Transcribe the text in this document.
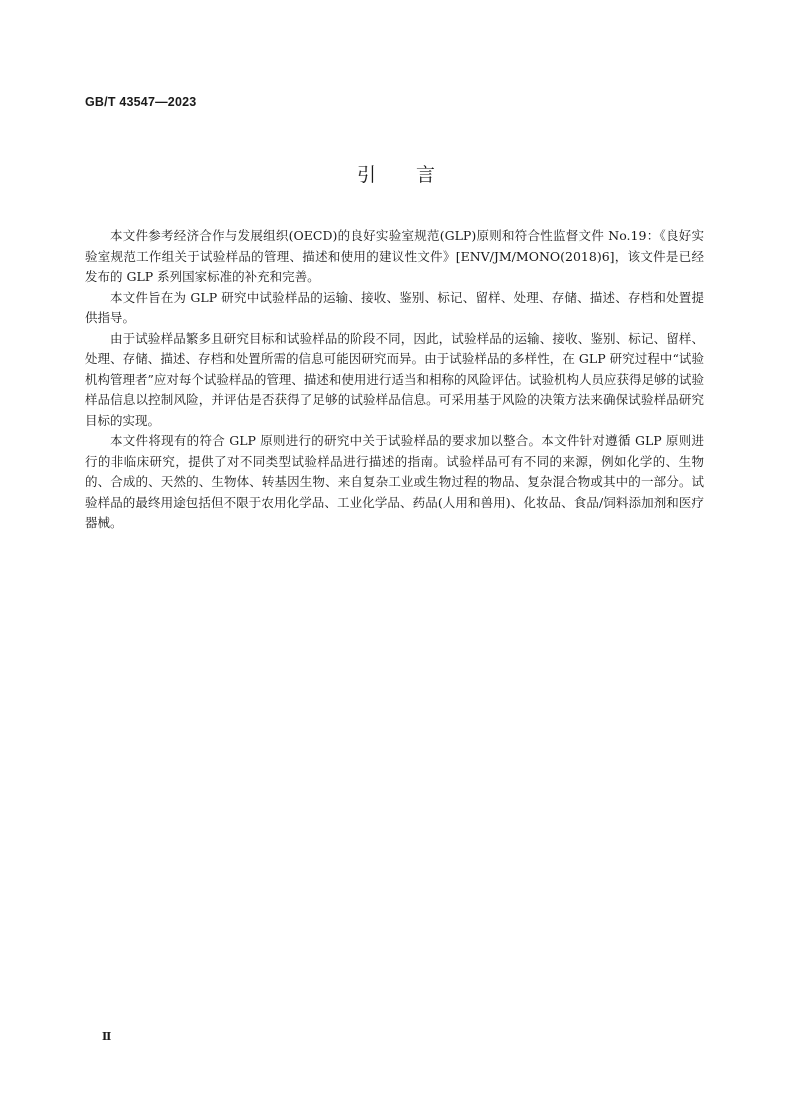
GB/T 43547—2023
引言

本文件参考经济合作与发展组织(OECD)的良好实验室规范(GLP)原则和符合性监督文件 No.19：《良好实验室规范工作组关于试验样品的管理、描述和使用的建议性文件》[ENV/JM/MONO(2018)6]，该文件是已经发布的 GLP 系列国家标准的补充和完善。

本文件旨在为 GLP 研究中试验样品的运输、接收、鉴别、标记、留样、处理、存储、描述、存档和处置提供指导。

由于试验样品繁多且研究目标和试验样品的阶段不同，因此，试验样品的运输、接收、鉴别、标记、留样、处理、存储、描述、存档和处置所需的信息可能因研究而异。由于试验样品的多样性，在 GLP 研究过程中“试验机构管理者”应对每个试验样品的管理、描述和使用进行适当和相称的风险评估。试验机构人员应获得足够的试验样品信息以控制风险，并评估是否获得了足够的试验样品信息。可采用基于风险的决策方法来确保试验样品研究目标的实现。

本文件将现有的符合 GLP 原则进行的研究中关于试验样品的要求加以整合。本文件针对遵循 GLP 原则进行的非临床研究，提供了对不同类型试验样品进行描述的指南。试验样品可有不同的来源，例如化学的、生物的、合成的、天然的、生物体、转基因生物、来自复杂工业或生物过程的物品、复杂混合物或其中的一部分。试验样品的最终用途包括但不限于农用化学品、工业化学品、药品(人用和兽用)、化妆品、食品/饲料添加剂和医疗器械。

Ⅱ
